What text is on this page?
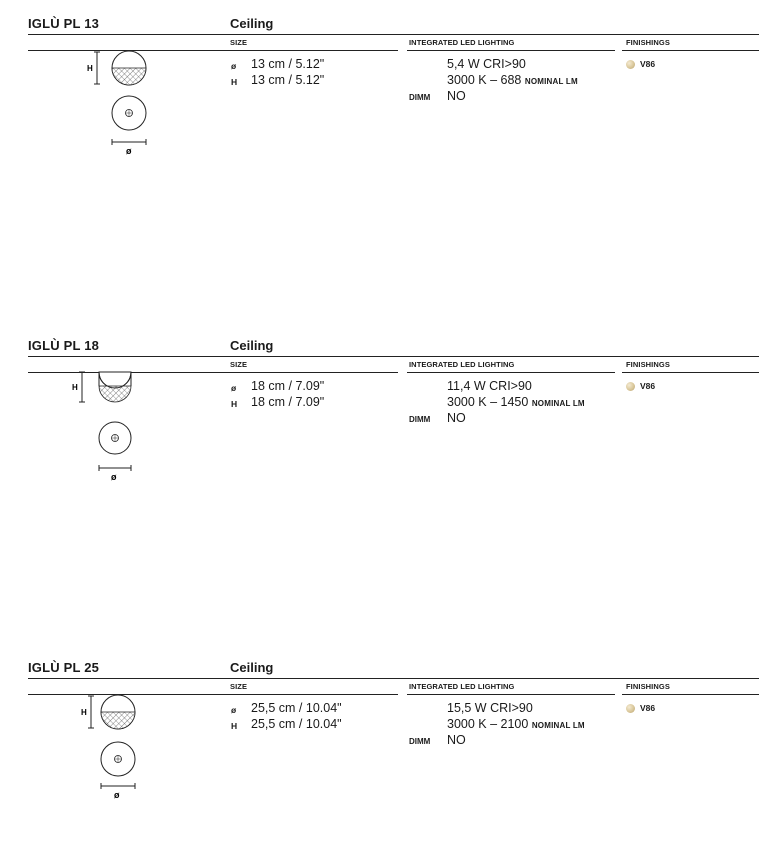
IGLÙ PL 13	Ceiling
SIZE	INTEGRATED LED LIGHTING	FINISHINGS
H
ø
ø 13 cm / 5.12"
H 13 cm / 5.12"
5,4 W CRI>90
3000 K – 688 NOMINAL LM
DIMM NO
V86
IGLÙ PL 18	Ceiling
SIZE	INTEGRATED LED LIGHTING	FINISHINGS
H
ø
ø 18 cm / 7.09"
H 18 cm / 7.09"
11,4 W CRI>90
3000 K – 1450 NOMINAL LM
DIMM NO
V86
IGLÙ PL 25	Ceiling
SIZE	INTEGRATED LED LIGHTING	FINISHINGS
H
ø
ø 25,5 cm / 10.04"
H 25,5 cm / 10.04"
15,5 W CRI>90
3000 K – 2100 NOMINAL LM
DIMM NO
V86
